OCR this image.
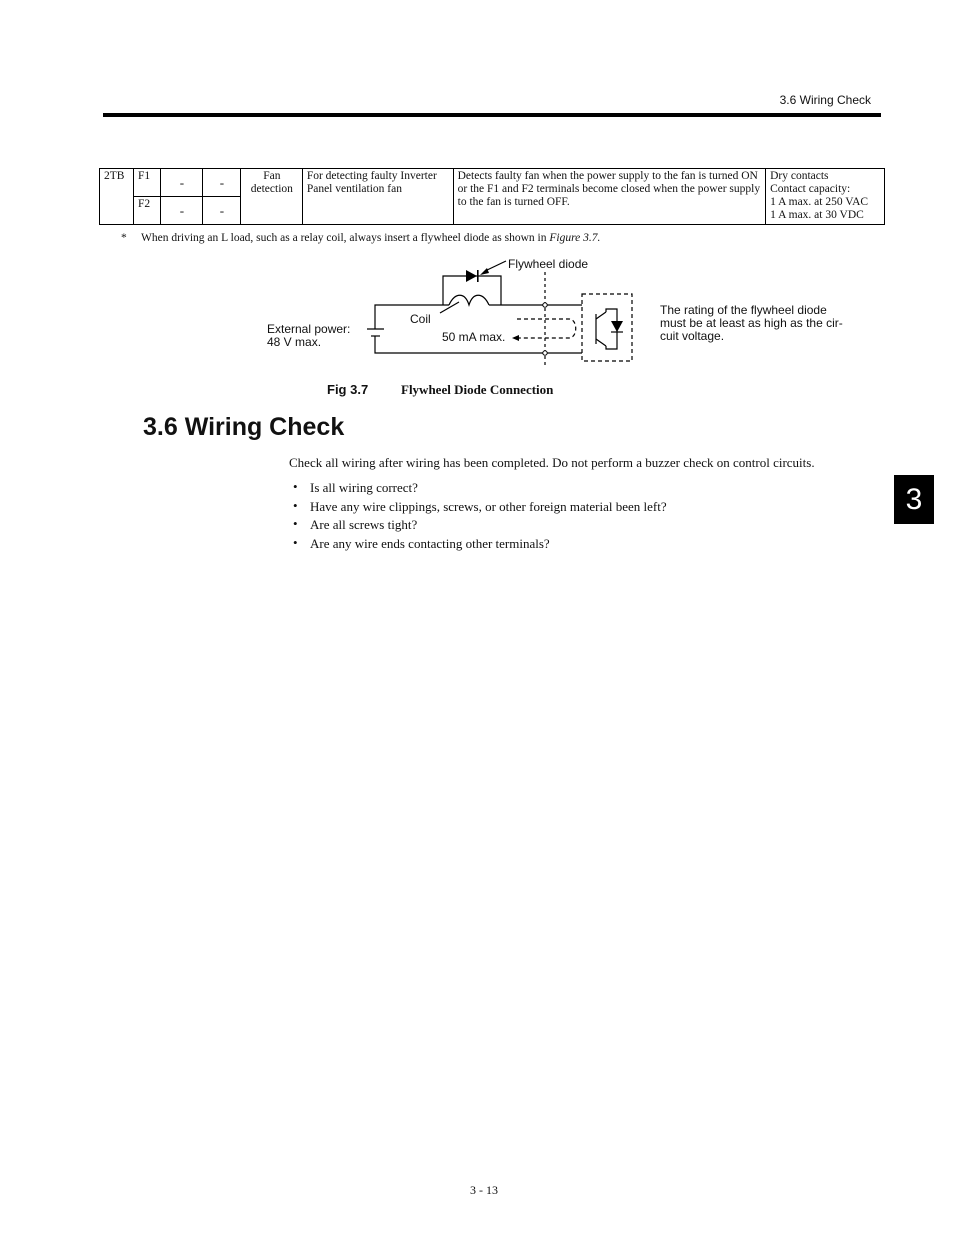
3.6 Wiring Check
2TB	F1	-	-	Fan detection	For detecting faulty Inverter Panel ventilation fan	Detects faulty fan when the power supply to the fan is turned ON or the F1 and F2 terminals become closed when the power supply to the fan is turned OFF.	Dry contacts
Contact capacity:
1 A max. at 250 VAC
1 A max. at 30 VDC

	F2	-	-				
* When driving an L load, such as a relay coil, always insert a flywheel diode as shown in Figure 3.7.
Flywheel diode
Coil
External power:
48 V max.	50 mA max.
The rating of the flywheel diode
must be at least as high as the cir-
cuit voltage.
Fig 3.7	Flywheel Diode Connection
3.6 Wiring Check
Check all wiring after wiring has been completed. Do not perform a buzzer check on control circuits.
• Is all wiring correct?
• Have any wire clippings, screws, or other foreign material been left?
• Are all screws tight?
• Are any wire ends contacting other terminals?
3
3 - 13
